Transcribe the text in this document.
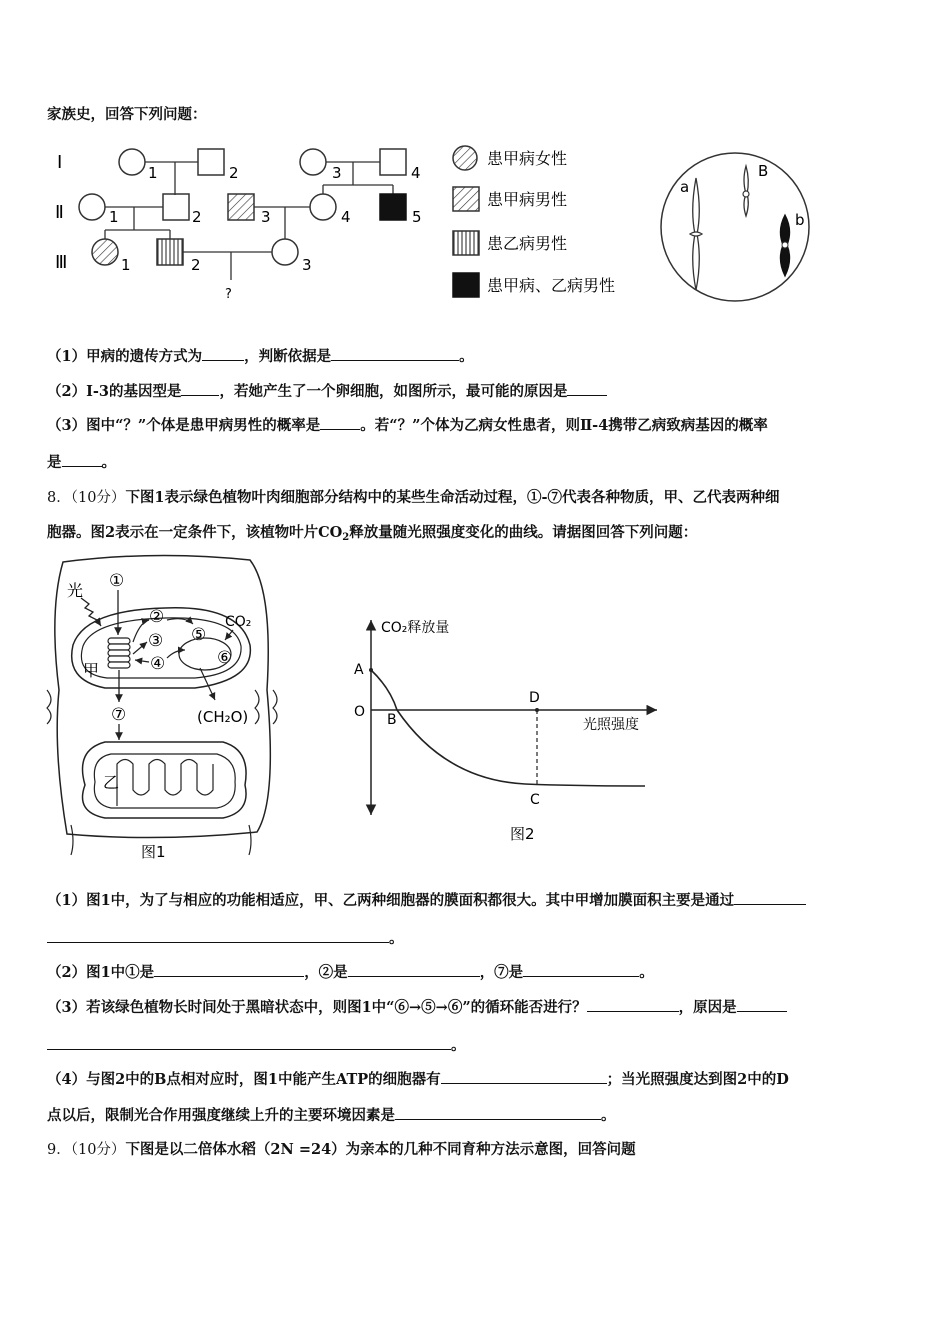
家族史，回答下列问题：
Ⅰ
Ⅱ
Ⅲ
1	2	3	4
1	2	3	4	5
1	2	3
?
患甲病女性
患甲病男性
患乙病男性
患甲病、乙病男性
a
B
b
（1）甲病的遗传方式为	，判断依据是	。
（2）Ⅰ-3的基因型是	，若她产生了一个卵细胞，如图所示，最可能的原因是
（3）图中“？”个体是患甲病男性的概率是	。若“？”个体为乙病女性患者，则Ⅱ-4携带乙病致病基因的概率
是	。
8．（10分）下图1表示绿色植物叶肉细胞部分结构中的某些生命活动过程，①-⑦代表各种物质，甲、乙代表两种细
胞器。图2表示在一定条件下，该植物叶片$CO_2$释放量随光照强度变化的曲线。请据图回答下列问题：
光 ①
②
③
④
⑤
⑥
CO₂
甲
(CH₂O)
⑦
乙
图1
CO₂释放量
光照强度
A
O B
D
C
图2
（1）图1中，为了与相应的功能相适应，甲、乙两种细胞器的膜面积都很大。其中甲增加膜面积主要是通过
。
（2）图1中①是	，②是	，⑦是	。
（3）若该绿色植物长时间处于黑暗状态中，则图1中“⑥→⑤→⑥”的循环能否进行？	，原因是
。
（4）与图2中的B点相对应时，图1中能产生ATP的细胞器有	；当光照强度达到图2中的D
点以后，限制光合作用强度继续上升的主要环境因素是	。
9．（10分）下图是以二倍体水稻（2N =24）为亲本的几种不同育种方法示意图，回答问题
